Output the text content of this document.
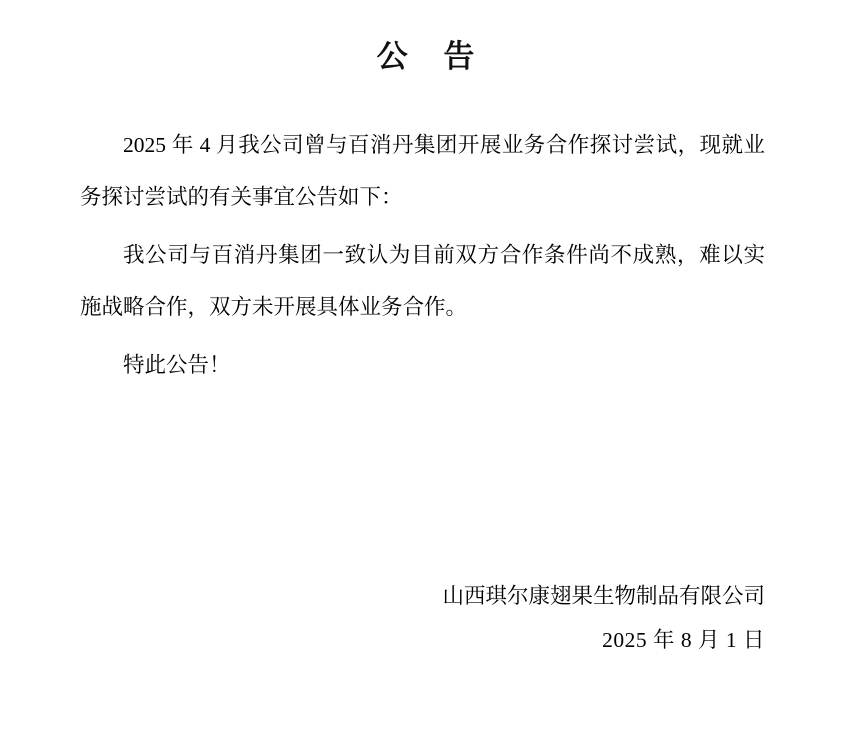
公 告

2025 年 4 月我公司曾与百消丹集团开展业务合作探讨尝试，现就业务探讨尝试的有关事宜公告如下：

我公司与百消丹集团一致认为目前双方合作条件尚不成熟，难以实施战略合作，双方未开展具体业务合作。

特此公告！

山西琪尔康翅果生物制品有限公司
2025 年 8 月 1 日
